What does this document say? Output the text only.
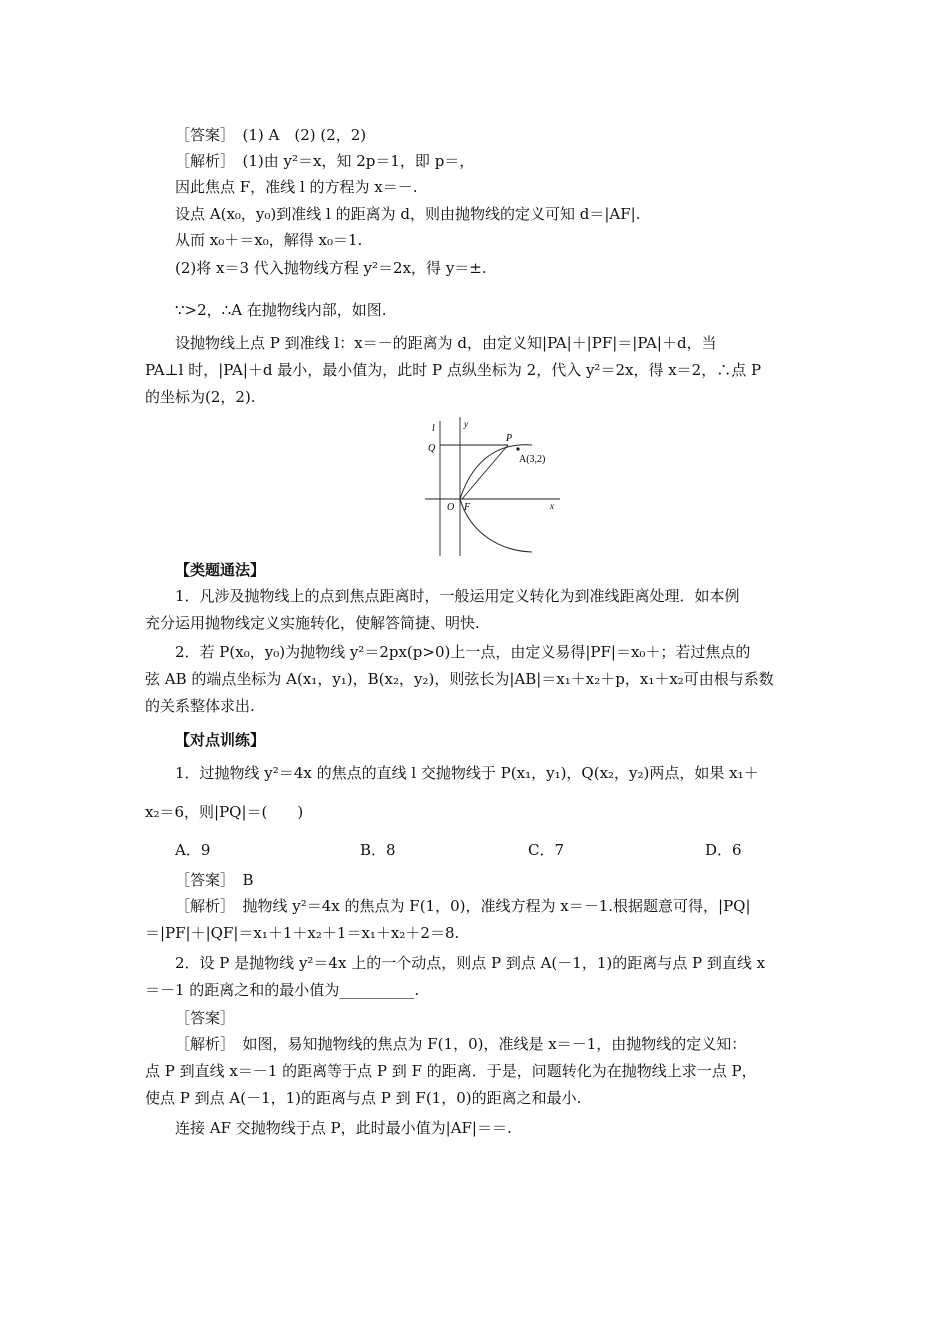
［答案］　(1) A　(2) (2，2)
［解析］　(1)由 y²＝x，知 2p＝1，即 p＝，
因此焦点 F，准线 l 的方程为 x＝－.
设点 A(x₀，y₀)到准线 l 的距离为 d，则由抛物线的定义可知 d＝|AF|.
从而 x₀＋＝x₀，解得 x₀＝1.
(2)将 x＝3 代入抛物线方程 y²＝2x，得 y＝±.
∵>2，∴A 在抛物线内部，如图.
设抛物线上点 P 到准线 l：x＝－的距离为 d，由定义知|PA|＋|PF|＝|PA|＋d，当
PA⊥l 时，|PA|＋d 最小，最小值为，此时 P 点纵坐标为 2，代入 y²＝2x，得 x＝2，∴点 P
的坐标为(2，2).
【类题通法】
1．凡涉及抛物线上的点到焦点距离时，一般运用定义转化为到准线距离处理．如本例
充分运用抛物线定义实施转化，使解答简捷、明快.
2．若 P(x₀，y₀)为抛物线 y²＝2px(p>0)上一点，由定义易得|PF|＝x₀＋；若过焦点的
弦 AB 的端点坐标为 A(x₁，y₁)，B(x₂，y₂)，则弦长为|AB|＝x₁＋x₂＋p，x₁＋x₂可由根与系数
的关系整体求出.
【对点训练】
1．过抛物线 y²＝4x 的焦点的直线 l 交抛物线于 P(x₁，y₁)，Q(x₂，y₂)两点，如果 x₁＋
x₂＝6，则|PQ|＝(　　)
［答案］　B
［解析］　抛物线 y²＝4x 的焦点为 F(1，0)，准线方程为 x＝－1.根据题意可得，|PQ|
＝|PF|＋|QF|＝x₁＋1＋x₂＋1＝x₁＋x₂＋2＝8.
2．设 P 是抛物线 y²＝4x 上的一个动点，则点 P 到点 A(－1，1)的距离与点 P 到直线 x
＝－1 的距离之和的最小值为__________.
［答案］
［解析］　如图，易知抛物线的焦点为 F(1，0)，准线是 x＝－1，由抛物线的定义知：
点 P 到直线 x＝－1 的距离等于点 P 到 F 的距离．于是，问题转化为在抛物线上求一点 P，
使点 P 到点 A(－1，1)的距离与点 P 到 F(1，0)的距离之和最小.
连接 AF 交抛物线于点 P，此时最小值为|AF|＝＝.
A．9	B．8	C．7	D．6
l	y
Q
P
A(3,2)
O F	x
